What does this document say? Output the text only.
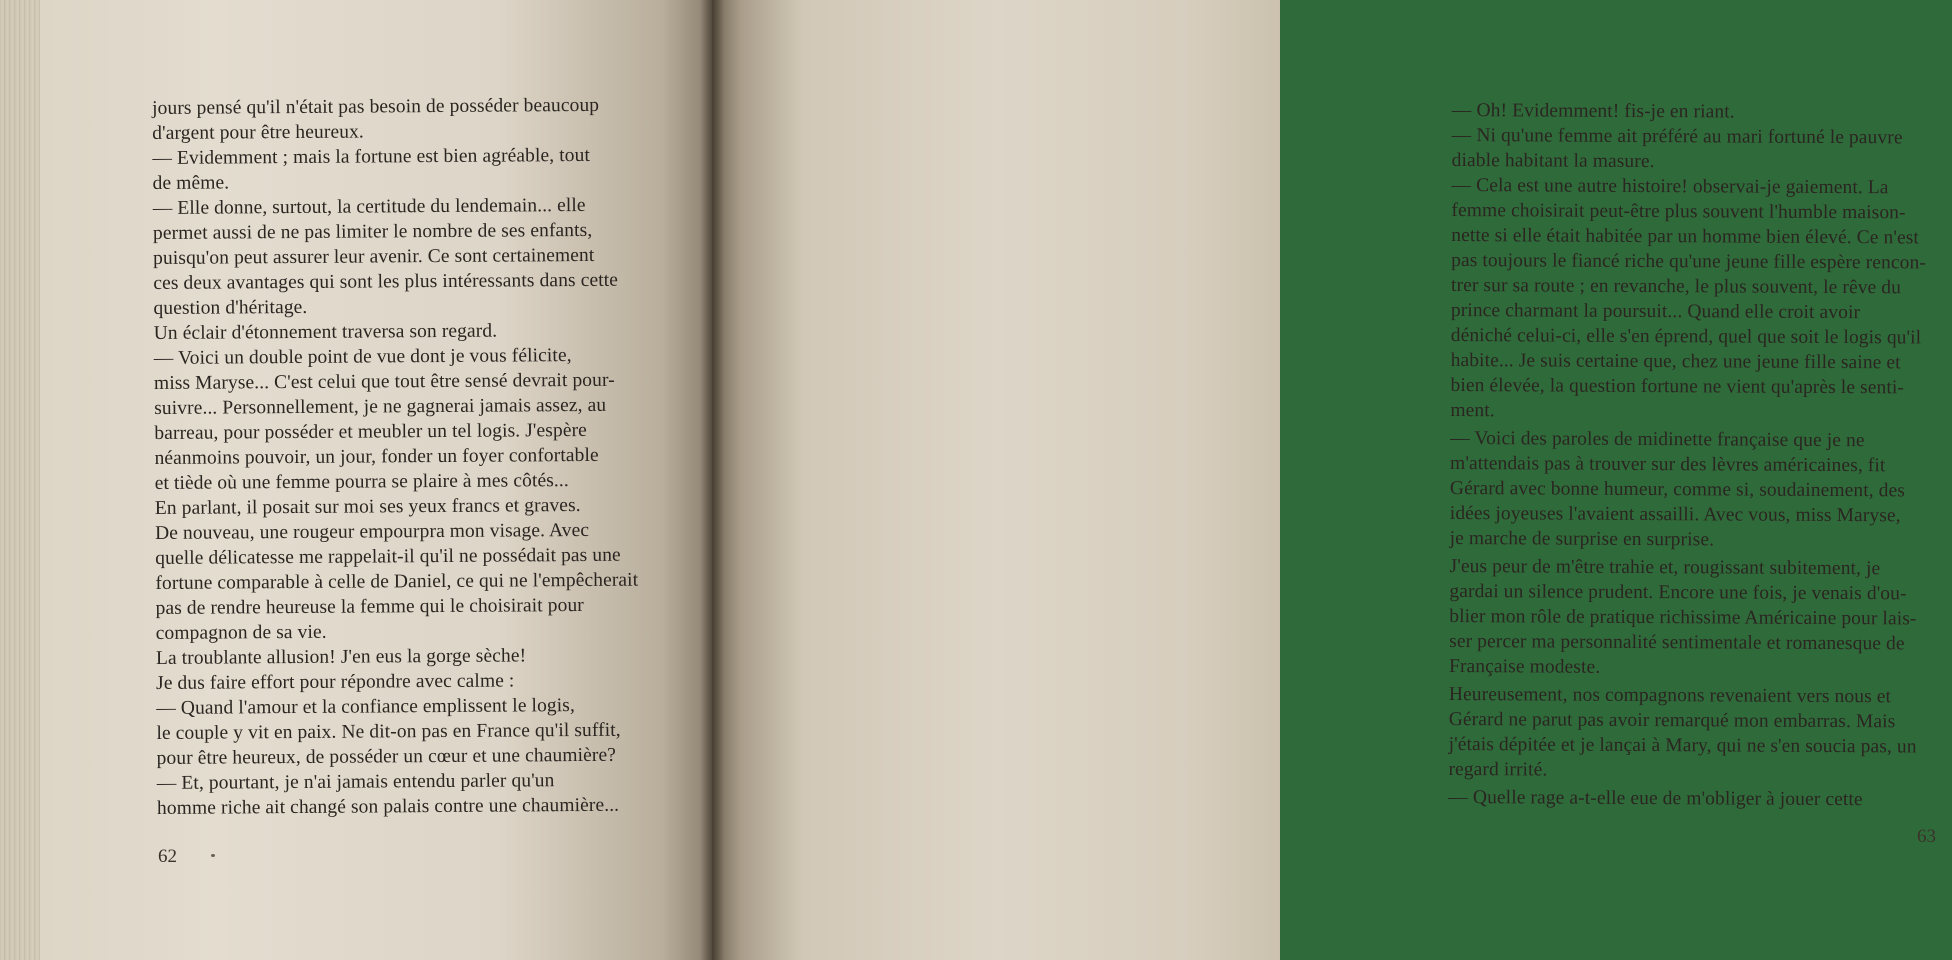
jours pensé qu'il n'était pas besoin de posséder beaucoup
d'argent pour être heureux.
— Evidemment ; mais la fortune est bien agréable, tout
de même.
— Elle donne, surtout, la certitude du lendemain... elle
permet aussi de ne pas limiter le nombre de ses enfants,
puisqu'on peut assurer leur avenir. Ce sont certainement
ces deux avantages qui sont les plus intéressants dans cette
question d'héritage.
Un éclair d'étonnement traversa son regard.
— Voici un double point de vue dont je vous félicite,
miss Maryse... C'est celui que tout être sensé devrait pour-
suivre... Personnellement, je ne gagnerai jamais assez, au
barreau, pour posséder et meubler un tel logis. J'espère
néanmoins pouvoir, un jour, fonder un foyer confortable
et tiède où une femme pourra se plaire à mes côtés...
En parlant, il posait sur moi ses yeux francs et graves.
De nouveau, une rougeur empourpra mon visage. Avec
quelle délicatesse me rappelait-il qu'il ne possédait pas une
fortune comparable à celle de Daniel, ce qui ne l'empêcherait
pas de rendre heureuse la femme qui le choisirait pour
compagnon de sa vie.
La troublante allusion! J'en eus la gorge sèche!
Je dus faire effort pour répondre avec calme :
— Quand l'amour et la confiance emplissent le logis,
le couple y vit en paix. Ne dit-on pas en France qu'il suffit,
pour être heureux, de posséder un cœur et une chaumière?
— Et, pourtant, je n'ai jamais entendu parler qu'un
homme riche ait changé son palais contre une chaumière...
62
— Oh! Evidemment! fis-je en riant.
— Ni qu'une femme ait préféré au mari fortuné le pauvre
diable habitant la masure.
— Cela est une autre histoire! observai-je gaiement. La
femme choisirait peut-être plus souvent l'humble maison-
nette si elle était habitée par un homme bien élevé. Ce n'est
pas toujours le fiancé riche qu'une jeune fille espère rencon-
trer sur sa route ; en revanche, le plus souvent, le rêve du
prince charmant la poursuit... Quand elle croit avoir
déniché celui-ci, elle s'en éprend, quel que soit le logis qu'il
habite... Je suis certaine que, chez une jeune fille saine et
bien élevée, la question fortune ne vient qu'après le senti-
ment.
— Voici des paroles de midinette française que je ne
m'attendais pas à trouver sur des lèvres américaines, fit
Gérard avec bonne humeur, comme si, soudainement, des
idées joyeuses l'avaient assailli. Avec vous, miss Maryse,
je marche de surprise en surprise.
J'eus peur de m'être trahie et, rougissant subitement, je
gardai un silence prudent. Encore une fois, je venais d'ou-
blier mon rôle de pratique richissime Américaine pour lais-
ser percer ma personnalité sentimentale et romanesque de
Française modeste.
Heureusement, nos compagnons revenaient vers nous et
Gérard ne parut pas avoir remarqué mon embarras. Mais
j'étais dépitée et je lançai à Mary, qui ne s'en soucia pas, un
regard irrité.
— Quelle rage a-t-elle eue de m'obliger à jouer cette
63
